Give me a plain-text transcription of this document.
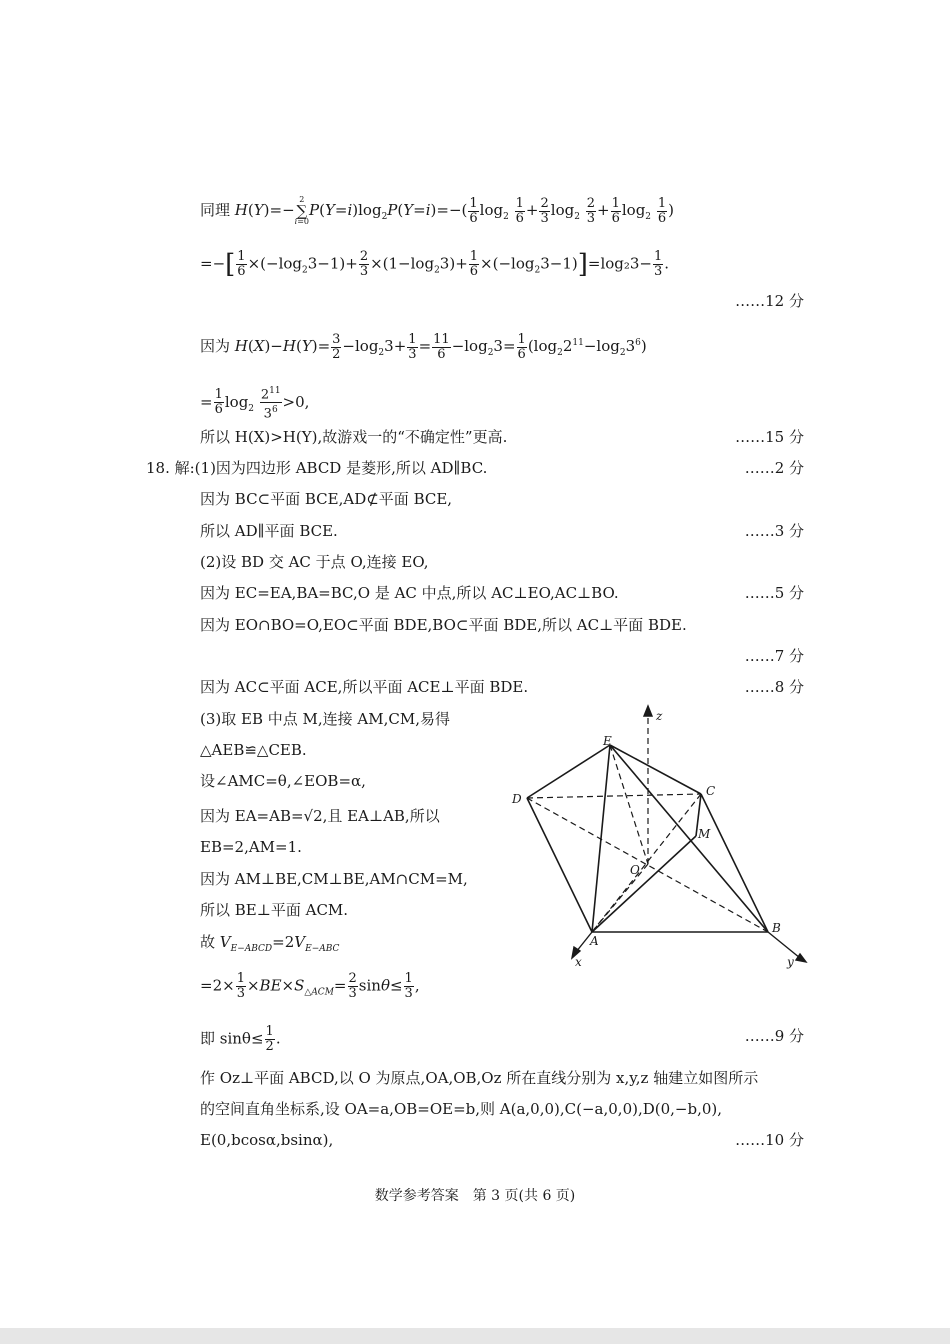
同理 H(Y)=−2
∑
$i=0P(Y=i)\log_2P(Y=i)=-( \frac{1}{6} \log_2 \frac{1}{6} + \frac{2}{3} \log_2 \frac{2}{3} + \frac{1}{6} \log_2 \frac{1}{6}$ )
=−[ $\frac{1}{6} \times(-\log_23-1)+ \frac{2}{3} \times(1-\log_23)+ \frac{1}{6} \times(-\log_23-1)]=\log_23- \frac{1}{3}$ .
……12 分
因为 $H(X)-H(Y)= \frac{3}{2} -\log_23+ \frac{1}{3} = \frac{11}{6} -\log_23= \frac{1}{6} (\log_22^{11}-\log_23^6)$
= $\frac{1}{6} \log_2 \frac{2^{11}}{3^6} >0$,
所以 H(X)>H(Y),故游戏一的“不确定性”更高.	……15 分
18. 解:(1)因为四边形 ABCD 是菱形,所以 AD∥BC.	……2 分
因为 BC⊂平面 BCE,AD⊄平面 BCE,
所以 AD∥平面 BCE.	……3 分
(2)设 BD 交 AC 于点 O,连接 EO,
因为 EC=EA,BA=BC,O 是 AC 中点,所以 AC⊥EO,AC⊥BO.	……5 分
因为 EO∩BO=O,EO⊂平面 BDE,BO⊂平面 BDE,所以 AC⊥平面 BDE.
……7 分
因为 AC⊂平面 ACE,所以平面 ACE⊥平面 BDE.	……8 分
(3)取 EB 中点 M,连接 AM,CM,易得
△AEB≌△CEB.
设∠AMC=θ,∠EOB=α,
因为 EA=AB=√2,且 EA⊥AB,所以
EB=2,AM=1.
因为 AM⊥BE,CM⊥BE,AM∩CM=M,
所以 BE⊥平面 ACM.
故 $V_{E-ABCD}=2V_{E-ABC}$
$=2\times \frac{1}{3} \times BE\times S_{\triangle ACM}= \frac{2}{3} \sin\theta\le \frac{1}{3}$ ,
即 $\sin\theta\le \frac{1}{2}$ .	……9 分
作 Oz⊥平面 ABCD,以 O 为原点,OA,OB,Oz 所在直线分别为 x,y,z 轴建立如图所示
的空间直角坐标系,设 OA=a,OB=OE=b,则 A(a,0,0),C(−a,0,0),D(0,−b,0),
E(0,bcosα,bsinα),	……10 分
z
E
C
D
M
O
A
B
x	y
数学参考答案　第 3 页(共 6 页)
